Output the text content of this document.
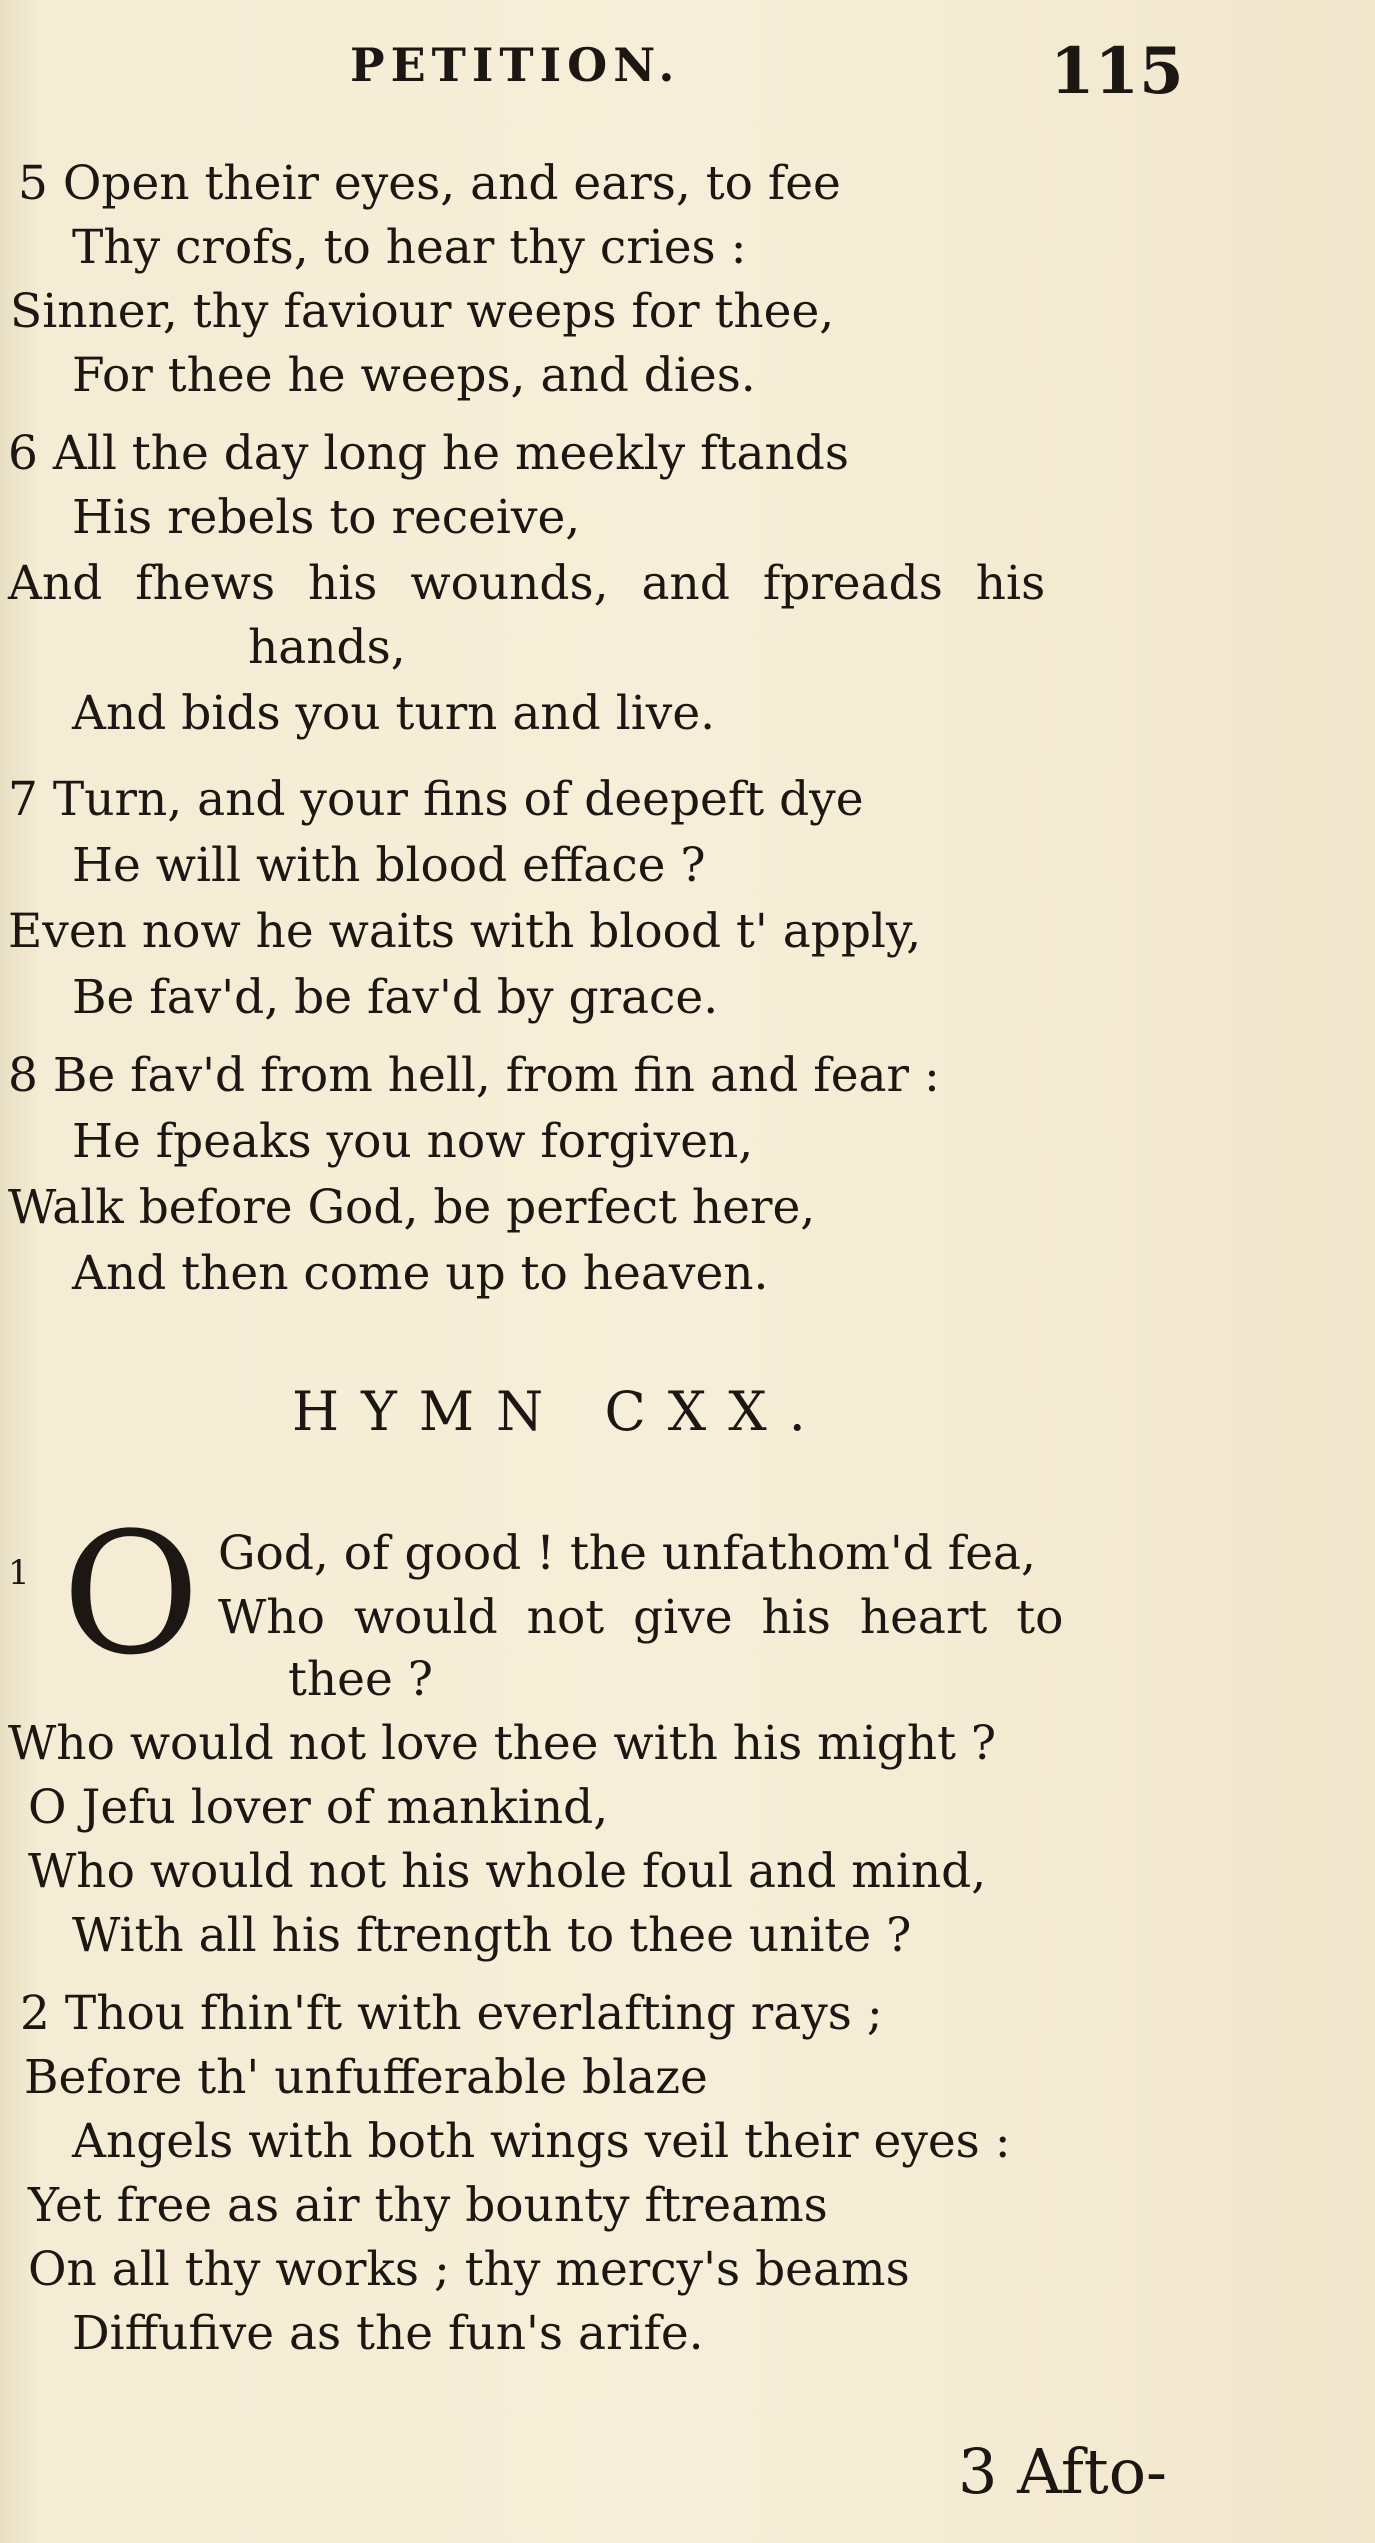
PETITION.	115
5 Open their eyes, and ears, to fee
Thy crofs, to hear thy cries :
Sinner, thy faviour weeps for thee,
For thee he weeps, and dies.
6 All the day long he meekly ftands
His rebels to receive,
And fhews his wounds, and fpreads his
hands,
And bids you turn and live.
7 Turn, and your fins of deepeft dye
He will with blood efface ?
Even now he waits with blood t' apply,
Be fav'd, be fav'd by grace.
8 Be fav'd from hell, from fin and fear :
He fpeaks you now forgiven,
Walk before God, be perfect here,
And then come up to heaven.
HYMN CXX.
1 O God, of good ! the unfathom'd fea,
Who would not give his heart to
thee ?
Who would not love thee with his might ?
O Jefu lover of mankind,
Who would not his whole foul and mind,
With all his ftrength to thee unite ?
2 Thou fhin'ft with everlafting rays ;
Before th' unfufferable blaze
Angels with both wings veil their eyes :
Yet free as air thy bounty ftreams
On all thy works ; thy mercy's beams
Diffufive as the fun's arife.
3 Afto-
